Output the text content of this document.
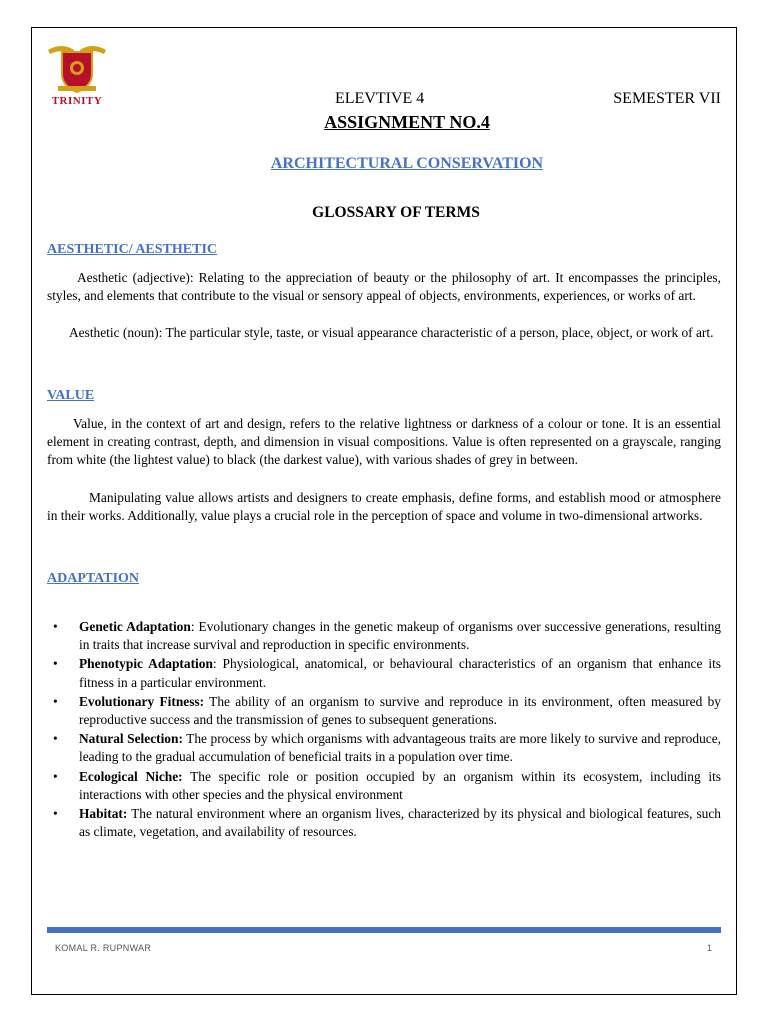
TRINITY	ELEVTIVE 4	SEMESTER VII
ASSIGNMENT NO.4
ARCHITECTURAL CONSERVATION
GLOSSARY OF TERMS
AESTHETIC/ AESTHETIC

Aesthetic (adjective): Relating to the appreciation of beauty or the philosophy of art. It encompasses the principles, styles, and elements that contribute to the visual or sensory appeal of objects, environments, experiences, or works of art.

Aesthetic (noun): The particular style, taste, or visual appearance characteristic of a person, place, object, or work of art.

VALUE

Value, in the context of art and design, refers to the relative lightness or darkness of a colour or tone. It is an essential element in creating contrast, depth, and dimension in visual compositions. Value is often represented on a grayscale, ranging from white (the lightest value) to black (the darkest value), with various shades of grey in between.

Manipulating value allows artists and designers to create emphasis, define forms, and establish mood or atmosphere in their works. Additionally, value plays a crucial role in the perception of space and volume in two-dimensional artworks.

ADAPTATION
• Genetic Adaptation: Evolutionary changes in the genetic makeup of organisms over successive generations, resulting in traits that increase survival and reproduction in specific environments.
• Phenotypic Adaptation: Physiological, anatomical, or behavioural characteristics of an organism that enhance its fitness in a particular environment.
• Evolutionary Fitness: The ability of an organism to survive and reproduce in its environment, often measured by reproductive success and the transmission of genes to subsequent generations.
• Natural Selection: The process by which organisms with advantageous traits are more likely to survive and reproduce, leading to the gradual accumulation of beneficial traits in a population over time.
• Ecological Niche: The specific role or position occupied by an organism within its ecosystem, including its interactions with other species and the physical environment
• Habitat: The natural environment where an organism lives, characterized by its physical and biological features, such as climate, vegetation, and availability of resources.
KOMAL R. RUPNWAR	1
